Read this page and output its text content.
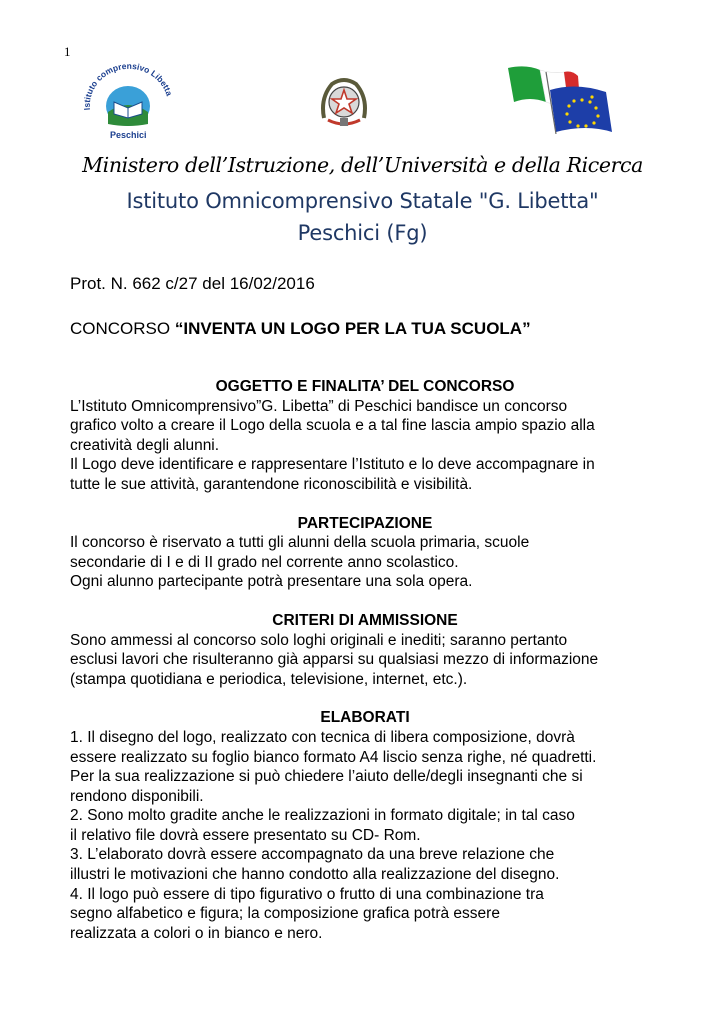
1
Istituto comprensivo Libetta
Peschici
Ministero dell’Istruzione, dell’Università e della Ricerca
Istituto Omnicomprensivo Statale "G. Libetta"
Peschici (Fg)
Prot. N. 662 c/27 del 16/02/2016
CONCORSO “INVENTA UN LOGO PER LA TUA SCUOLA”

OGGETTO E FINALITA’ DEL CONCORSO

L’Istituto Omnicomprensivo”G. Libetta” di Peschici bandisce un concorso

grafico volto a creare il Logo della scuola e a tal fine lascia ampio spazio alla

creatività degli alunni.

Il Logo deve identificare e rappresentare l’Istituto e lo deve accompagnare in

tutte le sue attività, garantendone riconoscibilità e visibilità.

PARTECIPAZIONE

Il concorso è riservato a tutti gli alunni della scuola primaria, scuole

secondarie di I e di II grado nel corrente anno scolastico.

Ogni alunno partecipante potrà presentare una sola opera.

CRITERI DI AMMISSIONE

Sono ammessi al concorso solo loghi originali e inediti; saranno pertanto

esclusi lavori che risulteranno già apparsi su qualsiasi mezzo di informazione

(stampa quotidiana e periodica, televisione, internet, etc.).

ELABORATI

1. Il disegno del logo, realizzato con tecnica di libera composizione, dovrà

essere realizzato su foglio bianco formato A4 liscio senza righe, né quadretti.

Per la sua realizzazione si può chiedere l’aiuto delle/degli insegnanti che si

rendono disponibili.

2. Sono molto gradite anche le realizzazioni in formato digitale; in tal caso

il relativo file dovrà essere presentato su CD- Rom.

3. L’elaborato dovrà essere accompagnato da una breve relazione che

illustri le motivazioni che hanno condotto alla realizzazione del disegno.

4. Il logo può essere di tipo figurativo o frutto di una combinazione tra

segno alfabetico e figura; la composizione grafica potrà essere

realizzata a colori o in bianco e nero.
